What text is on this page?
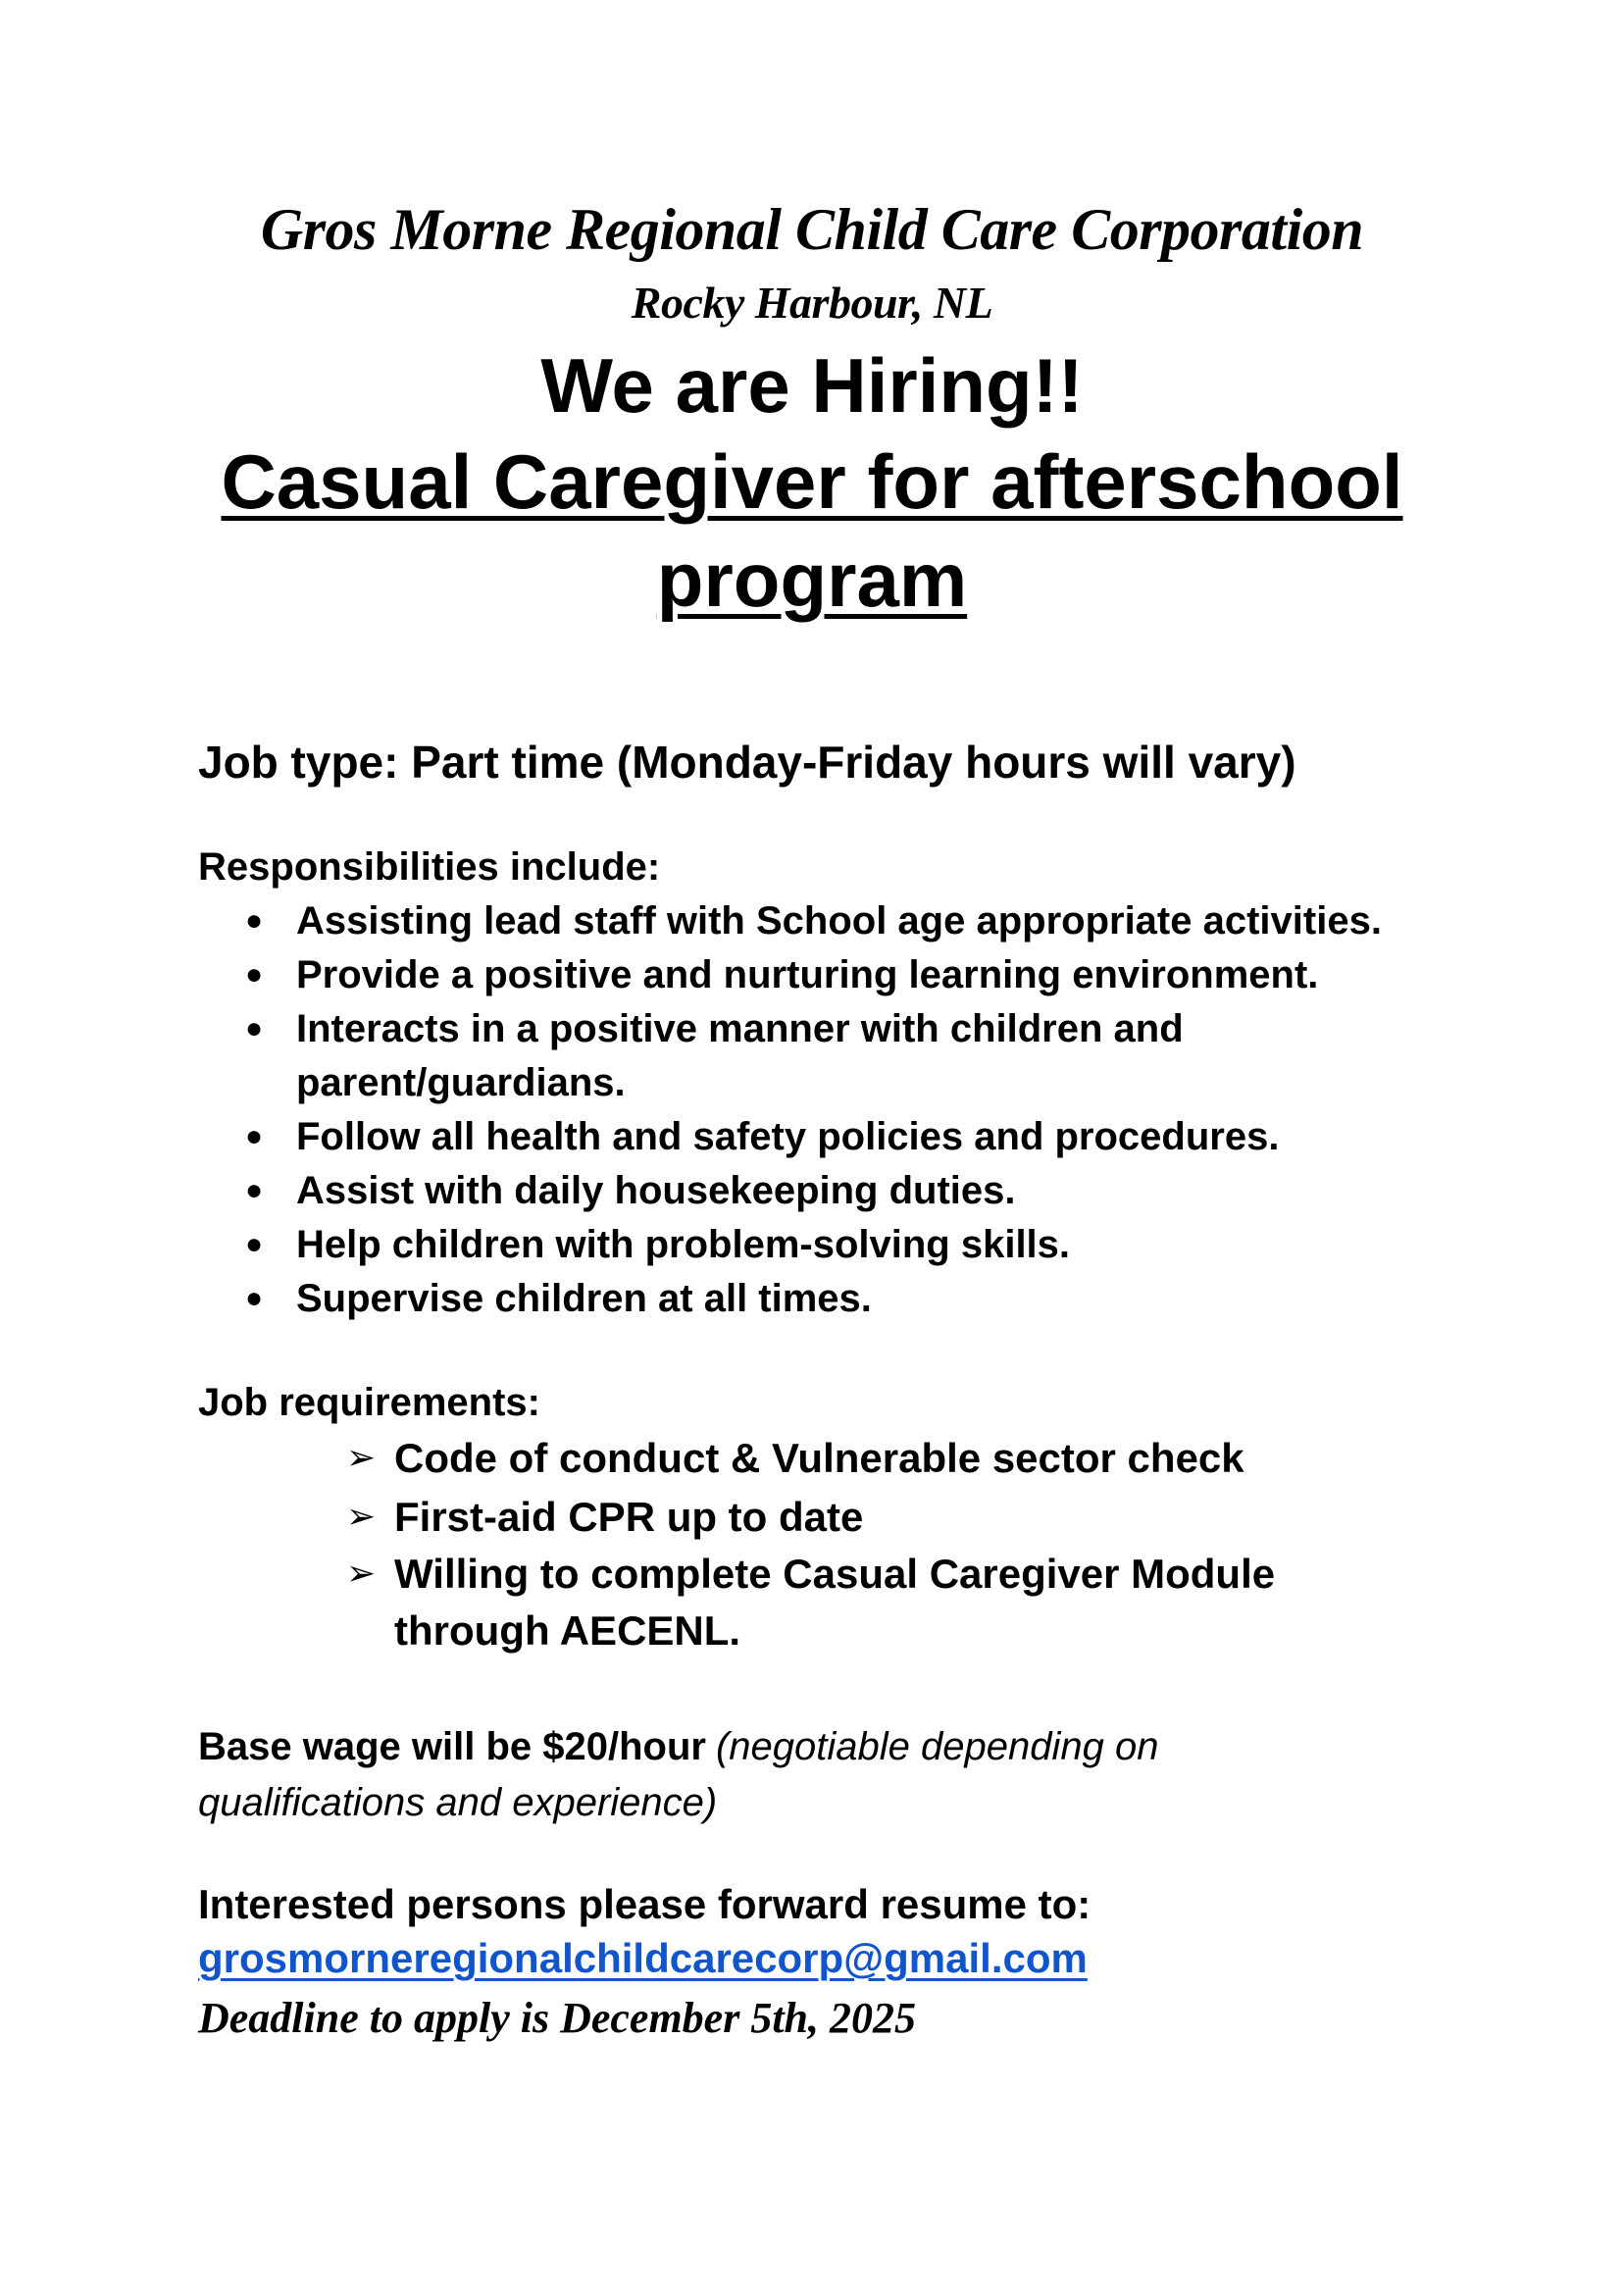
Gros Morne Regional Child Care Corporation
Rocky Harbour, NL
We are Hiring!!
Casual Caregiver for afterschool
program
Job type: Part time (Monday-Friday hours will vary)
Responsibilities include:
● Assisting lead staff with School age appropriate activities.
● Provide a positive and nurturing learning environment.
● Interacts in a positive manner with children and
parent/guardians.
● Follow all health and safety policies and procedures.
● Assist with daily housekeeping duties.
● Help children with problem-solving skills.
● Supervise children at all times.
Job requirements:
➢ Code of conduct & Vulnerable sector check
➢ First-aid CPR up to date
➢ Willing to complete Casual Caregiver Module
through AECENL.
Base wage will be $20/hour (negotiable depending on
qualifications and experience)
Interested persons please forward resume to:
grosmorneregionalchildcarecorp@gmail.com
Deadline to apply is December 5th, 2025
